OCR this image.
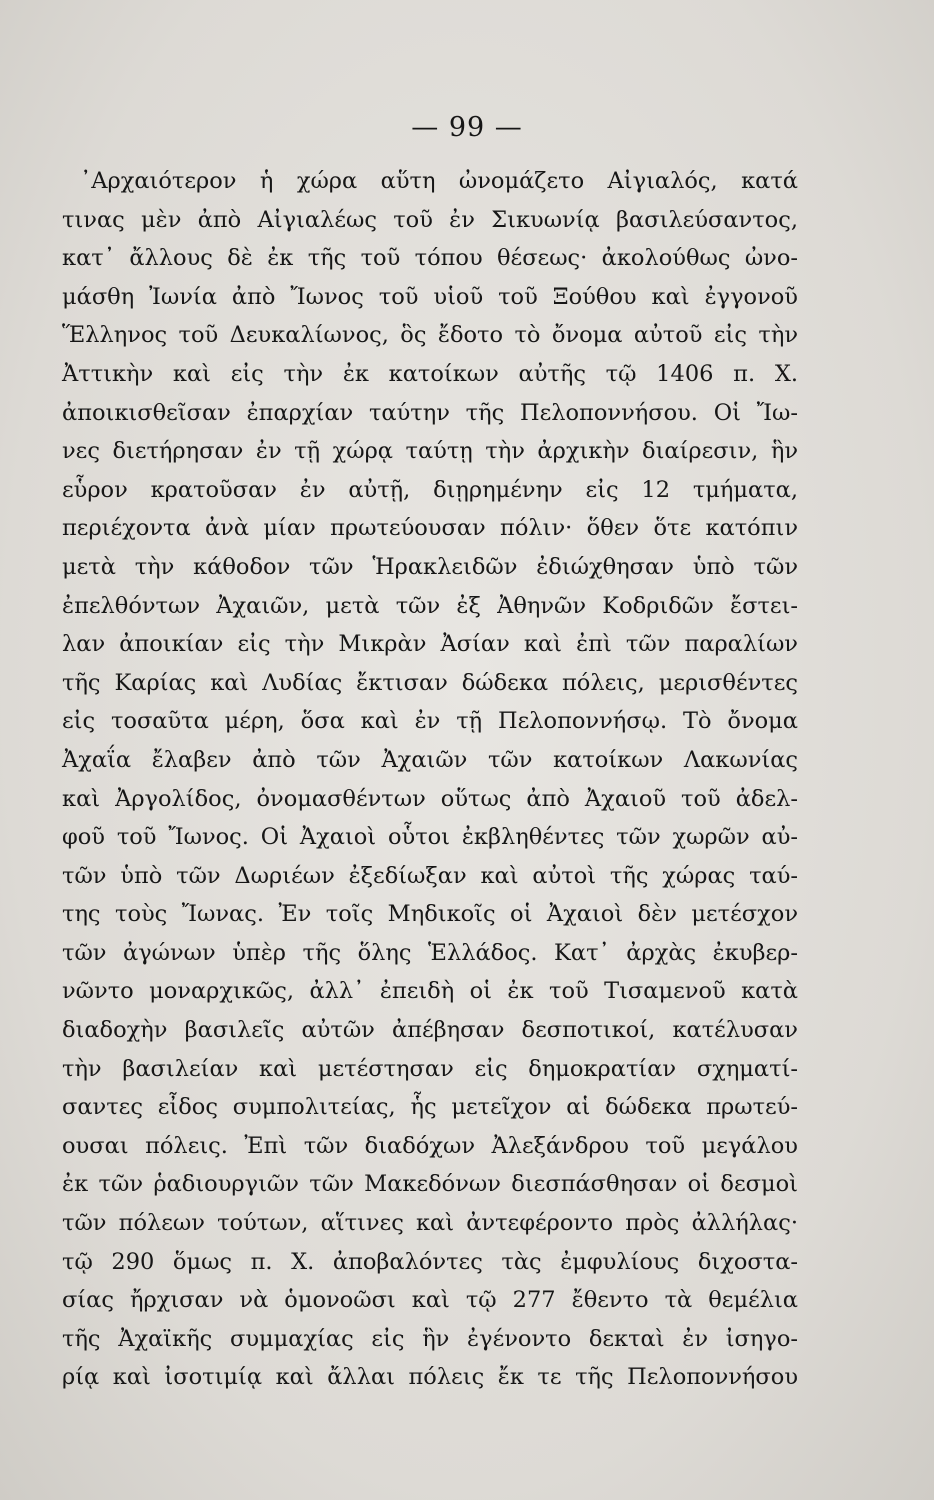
— 99 —
᾿Αρχαιότερον ἡ χώρα αὕτη ὠνομάζετο Αἰγιαλός, κατά
τινας μὲν ἀπὸ Αἰγιαλέως τοῦ ἐν Σικυωνίᾳ βασιλεύσαντος,
κατ᾿ ἄλλους δὲ ἐκ τῆς τοῦ τόπου θέσεως· ἀκολούθως ὠνο-
μάσθη Ἰωνία ἀπὸ Ἴωνος τοῦ υἱοῦ τοῦ Ξούθου καὶ ἐγγονοῦ
Ἕλληνος τοῦ Δευκαλίωνος, ὃς ἔδοτο τὸ ὄνομα αὐτοῦ εἰς τὴν
Ἀττικὴν καὶ εἰς τὴν ἐκ κατοίκων αὐτῆς τῷ 1406 π. Χ.
ἀποικισθεῖσαν ἐπαρχίαν ταύτην τῆς Πελοποννήσου. Οἱ Ἴω-
νες διετήρησαν ἐν τῇ χώρᾳ ταύτῃ τὴν ἀρχικὴν διαίρεσιν, ἣν
εὗρον κρατοῦσαν ἐν αὐτῇ, διῃρημένην εἰς 12 τμήματα,
περιέχοντα ἀνὰ μίαν πρωτεύουσαν πόλιν· ὅθεν ὅτε κατόπιν
μετὰ τὴν κάθοδον τῶν Ἡρακλειδῶν ἐδιώχθησαν ὑπὸ τῶν
ἐπελθόντων Ἀχαιῶν, μετὰ τῶν ἐξ Ἀθηνῶν Κοδριδῶν ἔστει-
λαν ἀποικίαν εἰς τὴν Μικρὰν Ἀσίαν καὶ ἐπὶ τῶν παραλίων
τῆς Καρίας καὶ Λυδίας ἔκτισαν δώδεκα πόλεις, μερισθέντες
εἰς τοσαῦτα μέρη, ὅσα καὶ ἐν τῇ Πελοποννήσῳ. Τὸ ὄνομα
Ἀχαΐα ἔλαβεν ἀπὸ τῶν Ἀχαιῶν τῶν κατοίκων Λακωνίας
καὶ Ἀργολίδος, ὀνομασθέντων οὕτως ἀπὸ Ἀχαιοῦ τοῦ ἀδελ-
φοῦ τοῦ Ἴωνος. Οἱ Ἀχαιοὶ οὗτοι ἐκβληθέντες τῶν χωρῶν αὐ-
τῶν ὑπὸ τῶν Δωριέων ἐξεδίωξαν καὶ αὐτοὶ τῆς χώρας ταύ-
της τοὺς Ἴωνας. Ἐν τοῖς Μηδικοῖς οἱ Ἀχαιοὶ δὲν μετέσχον
τῶν ἀγώνων ὑπὲρ τῆς ὅλης Ἑλλάδος. Κατ᾿ ἀρχὰς ἐκυβερ-
νῶντο μοναρχικῶς, ἀλλ᾿ ἐπειδὴ οἱ ἐκ τοῦ Τισαμενοῦ κατὰ
διαδοχὴν βασιλεῖς αὐτῶν ἀπέβησαν δεσποτικοί, κατέλυσαν
τὴν βασιλείαν καὶ μετέστησαν εἰς δημοκρατίαν σχηματί-
σαντες εἶδος συμπολιτείας, ἧς μετεῖχον αἱ δώδεκα πρωτεύ-
ουσαι πόλεις. Ἐπὶ τῶν διαδόχων Ἀλεξάνδρου τοῦ μεγάλου
ἐκ τῶν ῥαδιουργιῶν τῶν Μακεδόνων διεσπάσθησαν οἱ δεσμοὶ
τῶν πόλεων τούτων, αἵτινες καὶ ἀντεφέροντο πρὸς ἀλλήλας·
τῷ 290 ὅμως π. Χ. ἀποβαλόντες τὰς ἐμφυλίους διχοστα-
σίας ἤρχισαν νὰ ὁμονοῶσι καὶ τῷ 277 ἔθεντο τὰ θεμέλια
τῆς Ἀχαϊκῆς συμμαχίας εἰς ἣν ἐγένοντο δεκταὶ ἐν ἰσηγο-
ρίᾳ καὶ ἰσοτιμίᾳ καὶ ἄλλαι πόλεις ἔκ τε τῆς Πελοποννήσου
